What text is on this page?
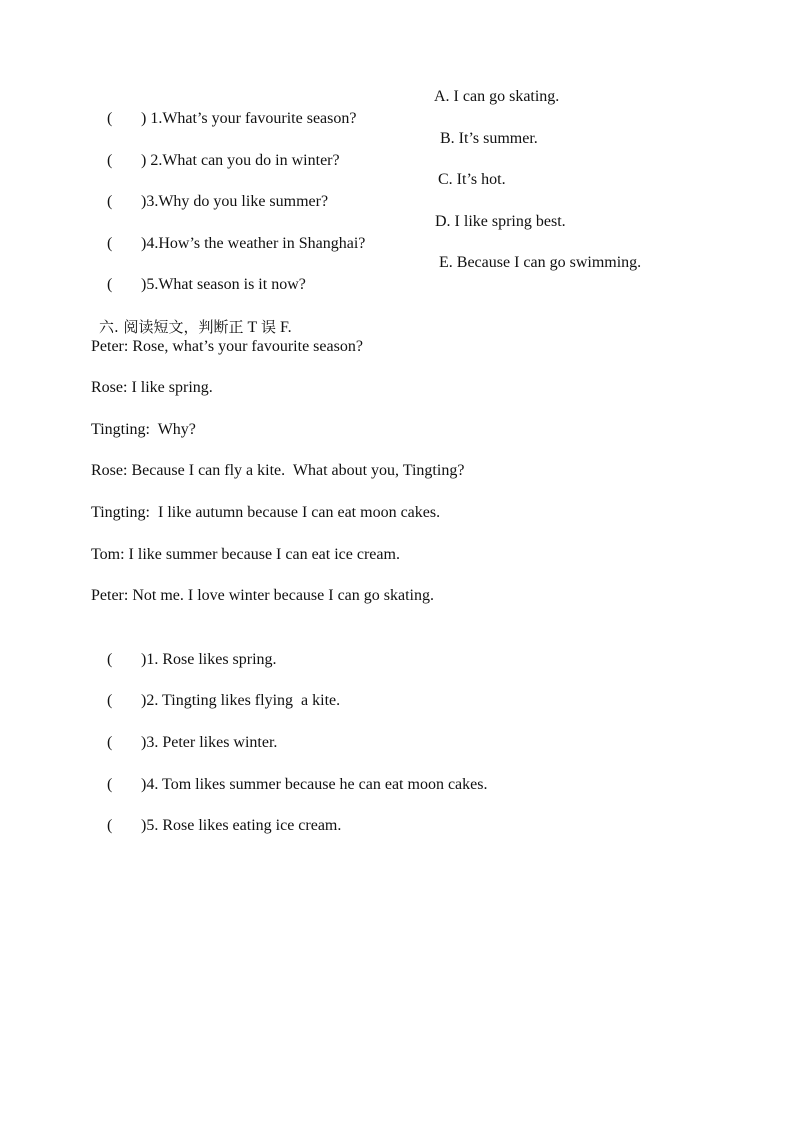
( ) 1.What’s your favourite season?

A. I can go skating.

( ) 2.What can you do in winter?

B. It’s summer.

( )3.Why do you like summer?

C. It’s hot.

( )4.How’s the weather in Shanghai?

D. I like spring best.

( )5.What season is it now?

E. Because I can go swimming.

六. 阅读短文，判断正 T 误 F.

Peter: Rose, what’s your favourite season?
Rose: I like spring.
Tingting:  Why?
Rose: Because I can fly a kite.  What about you, Tingting?
Tingting:  I like autumn because I can eat moon cakes.
Tom: I like summer because I can eat ice cream.
Peter: Not me. I love winter because I can go skating.

( )1. Rose likes spring.

( )2. Tingting likes flying  a kite.

( )3. Peter likes winter.

( )4. Tom likes summer because he can eat moon cakes.

( )5. Rose likes eating ice cream.
